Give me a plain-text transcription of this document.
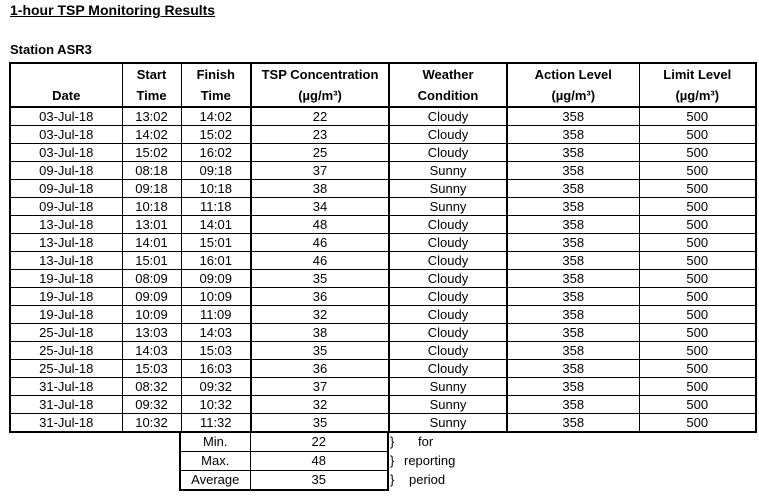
1-hour TSP Monitoring Results
Station ASR3
	Start	Finish	TSP Concentration	Weather	Action Level	Limit Level
Date	Time	Time	(µg/m³)	Condition	(µg/m³)	(µg/m³)
03-Jul-18	13:02	14:02	22	Cloudy	358	500
03-Jul-18	14:02	15:02	23	Cloudy	358	500
03-Jul-18	15:02	16:02	25	Cloudy	358	500
09-Jul-18	08:18	09:18	37	Sunny	358	500
09-Jul-18	09:18	10:18	38	Sunny	358	500
09-Jul-18	10:18	11:18	34	Sunny	358	500
13-Jul-18	13:01	14:01	48	Cloudy	358	500
13-Jul-18	14:01	15:01	46	Cloudy	358	500
13-Jul-18	15:01	16:01	46	Cloudy	358	500
19-Jul-18	08:09	09:09	35	Cloudy	358	500
19-Jul-18	09:09	10:09	36	Cloudy	358	500
19-Jul-18	10:09	11:09	32	Cloudy	358	500
25-Jul-18	13:03	14:03	38	Cloudy	358	500
25-Jul-18	14:03	15:03	35	Cloudy	358	500
25-Jul-18	15:03	16:03	36	Cloudy	358	500
31-Jul-18	08:32	09:32	37	Sunny	358	500
31-Jul-18	09:32	10:32	32	Sunny	358	500
31-Jul-18	10:32	11:32	35	Sunny	358	500
Min.	22
Max.	48
Average	35
} for
} reporting
} period
